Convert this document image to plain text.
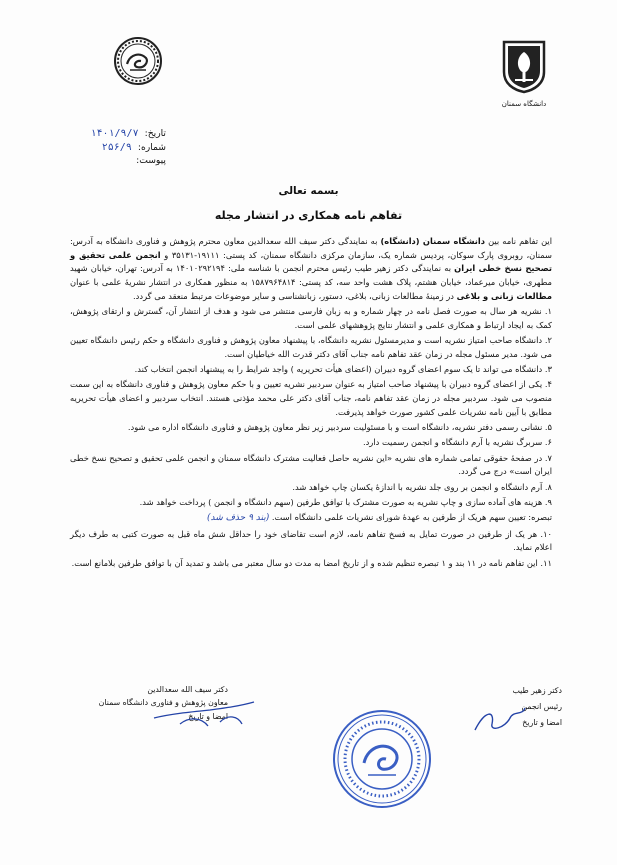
دانشگاه سمنان
تاریخ:
۱۴۰۱/۹/۷
شماره:
۲۵۶/۹
پیوست:
بسمه تعالی
تفاهم نامه همکاری در انتشار مجله

این تفاهم نامه بین دانشگاه سمنان (دانشگاه) به نمایندگی دکتر سیف الله سعدالدین معاون محترم پژوهش و فناوری دانشگاه به آدرس: سمنان، روبروی پارک سوکان، پردیس شماره یک، سازمان مرکزی دانشگاه سمنان، کد پستی: ۱۹۱۱۱-۳۵۱۳۱ و انجمن علمی تحقیق و تصحیح نسخ خطی ایران به نمایندگی دکتر زهیر طیب رئیس محترم انجمن با شناسه ملی: ۱۴۰۱۰۲۹۲۱۹۴ به آدرس: تهران، خیابان شهید مطهری، خیابان میرعماد، خیابان هشتم، پلاک هشت واحد سه، کد پستی: ۱۵۸۷۹۶۴۸۱۴ به منظور همکاری در انتشار نشریهٔ علمی با عنوان مطالعات زبانی و بلاغی در زمینهٔ مطالعات زبانی، بلاغی، دستور، زبانشناسی و سایر موضوعات مرتبط منعقد می گردد.

۱. نشریه هر سال به صورت فصل نامه در چهار شماره و به زبان فارسی منتشر می شود و هدف از انتشار آن، گسترش و ارتقای پژوهش، کمک به ایجاد ارتباط و همکاری علمی و انتشار نتایج پژوهشهای علمی است.

۲. دانشگاه صاحب امتیاز نشریه است و مدیرمسئول نشریه دانشگاه، با پیشنهاد معاون پژوهش و فناوری دانشگاه و حکم رئیس دانشگاه تعیین می شود. مدیر مسئول مجله در زمان عقد تفاهم نامه جناب آقای دکتر قدرت الله خیاطیان است.

۳. دانشگاه می تواند تا یک سوم اعضای گروه دبیران (اعضای هیأت تحریریه ) واجد شرایط را به پیشنهاد انجمن انتخاب کند.

۴. یکی از اعضای گروه دبیران با پیشنهاد صاحب امتیاز به عنوان سردبیر نشریه تعیین و با حکم معاون پژوهش و فناوری دانشگاه به این سمت منصوب می شود. سردبیر مجله در زمان عقد تفاهم نامه، جناب آقای دکتر علی محمد مؤذنی هستند. انتخاب سردبیر و اعضای هیأت تحریریه مطابق با آیین نامه نشریات علمی کشور صورت خواهد پذیرفت.

۵. نشانی رسمی دفتر نشریه، دانشگاه است و با مسئولیت سردبیر زیر نظر معاون پژوهش و فناوری دانشگاه اداره می شود.

۶. سربرگ نشریه با آرم دانشگاه و انجمن رسمیت دارد.

۷. در صفحهٔ حقوقی تمامی شماره های نشریه «این نشریه حاصل فعالیت مشترک دانشگاه سمنان و انجمن علمی تحقیق و تصحیح نسخ خطی ایران است» درج می گردد.

۸. آرم دانشگاه و انجمن بر روی جلد نشریه با اندازهٔ یکسان چاپ خواهد شد.

۹. هزینه های آماده سازی و چاپ نشریه به صورت مشترک با توافق طرفین (سهم دانشگاه و انجمن ) پرداخت خواهد شد.

تبصره: تعیین سهم هریک از طرفین به عهدهٔ شورای نشریات علمی دانشگاه است. (بند ۹ حذف شد)

۱۰. هر یک از طرفین در صورت تمایل به فسخ تفاهم نامه، لازم است تقاضای خود را حداقل شش ماه قبل به صورت کتبی به طرف دیگر اعلام نماید.

۱۱. این تفاهم نامه در ۱۱ بند و ۱ تبصره تنظیم شده و از تاریخ امضا به مدت دو سال معتبر می باشد و تمدید آن با توافق طرفین بلامانع است.

دکتر زهیر طیب
رئیس انجمن
امضا و تاریخ
دکتر سیف الله سعدالدین
معاون پژوهش و فناوری دانشگاه سمنان
امضا و تاریخ
